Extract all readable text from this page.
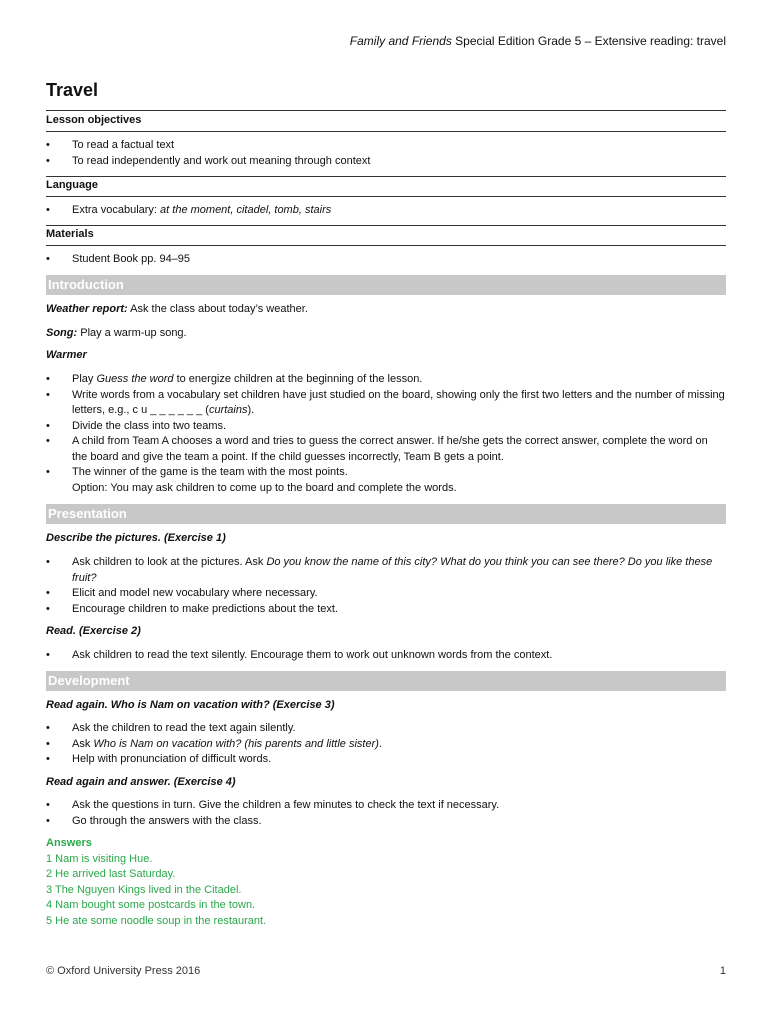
Family and Friends Special Edition Grade 5 – Extensive reading: travel
Travel
Lesson objectives
• To read a factual text
• To read independently and work out meaning through context
Language
• Extra vocabulary: at the moment, citadel, tomb, stairs
Materials
• Student Book pp. 94–95
Introduction
Weather report: Ask the class about today’s weather.
Song: Play a warm-up song.
Warmer
• Play Guess the word to energize children at the beginning of the lesson.
• Write words from a vocabulary set children have just studied on the board, showing only the first two letters and the number of missing letters, e.g., c u _ _ _ _ _ _ (curtains).
• Divide the class into two teams.
• A child from Team A chooses a word and tries to guess the correct answer. If he/she gets the correct answer, complete the word on the board and give the team a point. If the child guesses incorrectly, Team B gets a point.
• The winner of the game is the team with the most points.
Option: You may ask children to come up to the board and complete the words.
Presentation
Describe the pictures. (Exercise 1)
• Ask children to look at the pictures. Ask Do you know the name of this city? What do you think you can see there? Do you like these fruit?
• Elicit and model new vocabulary where necessary.
• Encourage children to make predictions about the text.
Read. (Exercise 2)
• Ask children to read the text silently. Encourage them to work out unknown words from the context.
Development
Read again. Who is Nam on vacation with? (Exercise 3)
• Ask the children to read the text again silently.
• Ask Who is Nam on vacation with? (his parents and little sister).
• Help with pronunciation of difficult words.
Read again and answer. (Exercise 4)
• Ask the questions in turn. Give the children a few minutes to check the text if necessary.
• Go through the answers with the class.
Answers
1 Nam is visiting Hue.
2 He arrived last Saturday.
3 The Nguyen Kings lived in the Citadel.
4 Nam bought some postcards in the town.
5 He ate some noodle soup in the restaurant.
© Oxford University Press 2016	1
